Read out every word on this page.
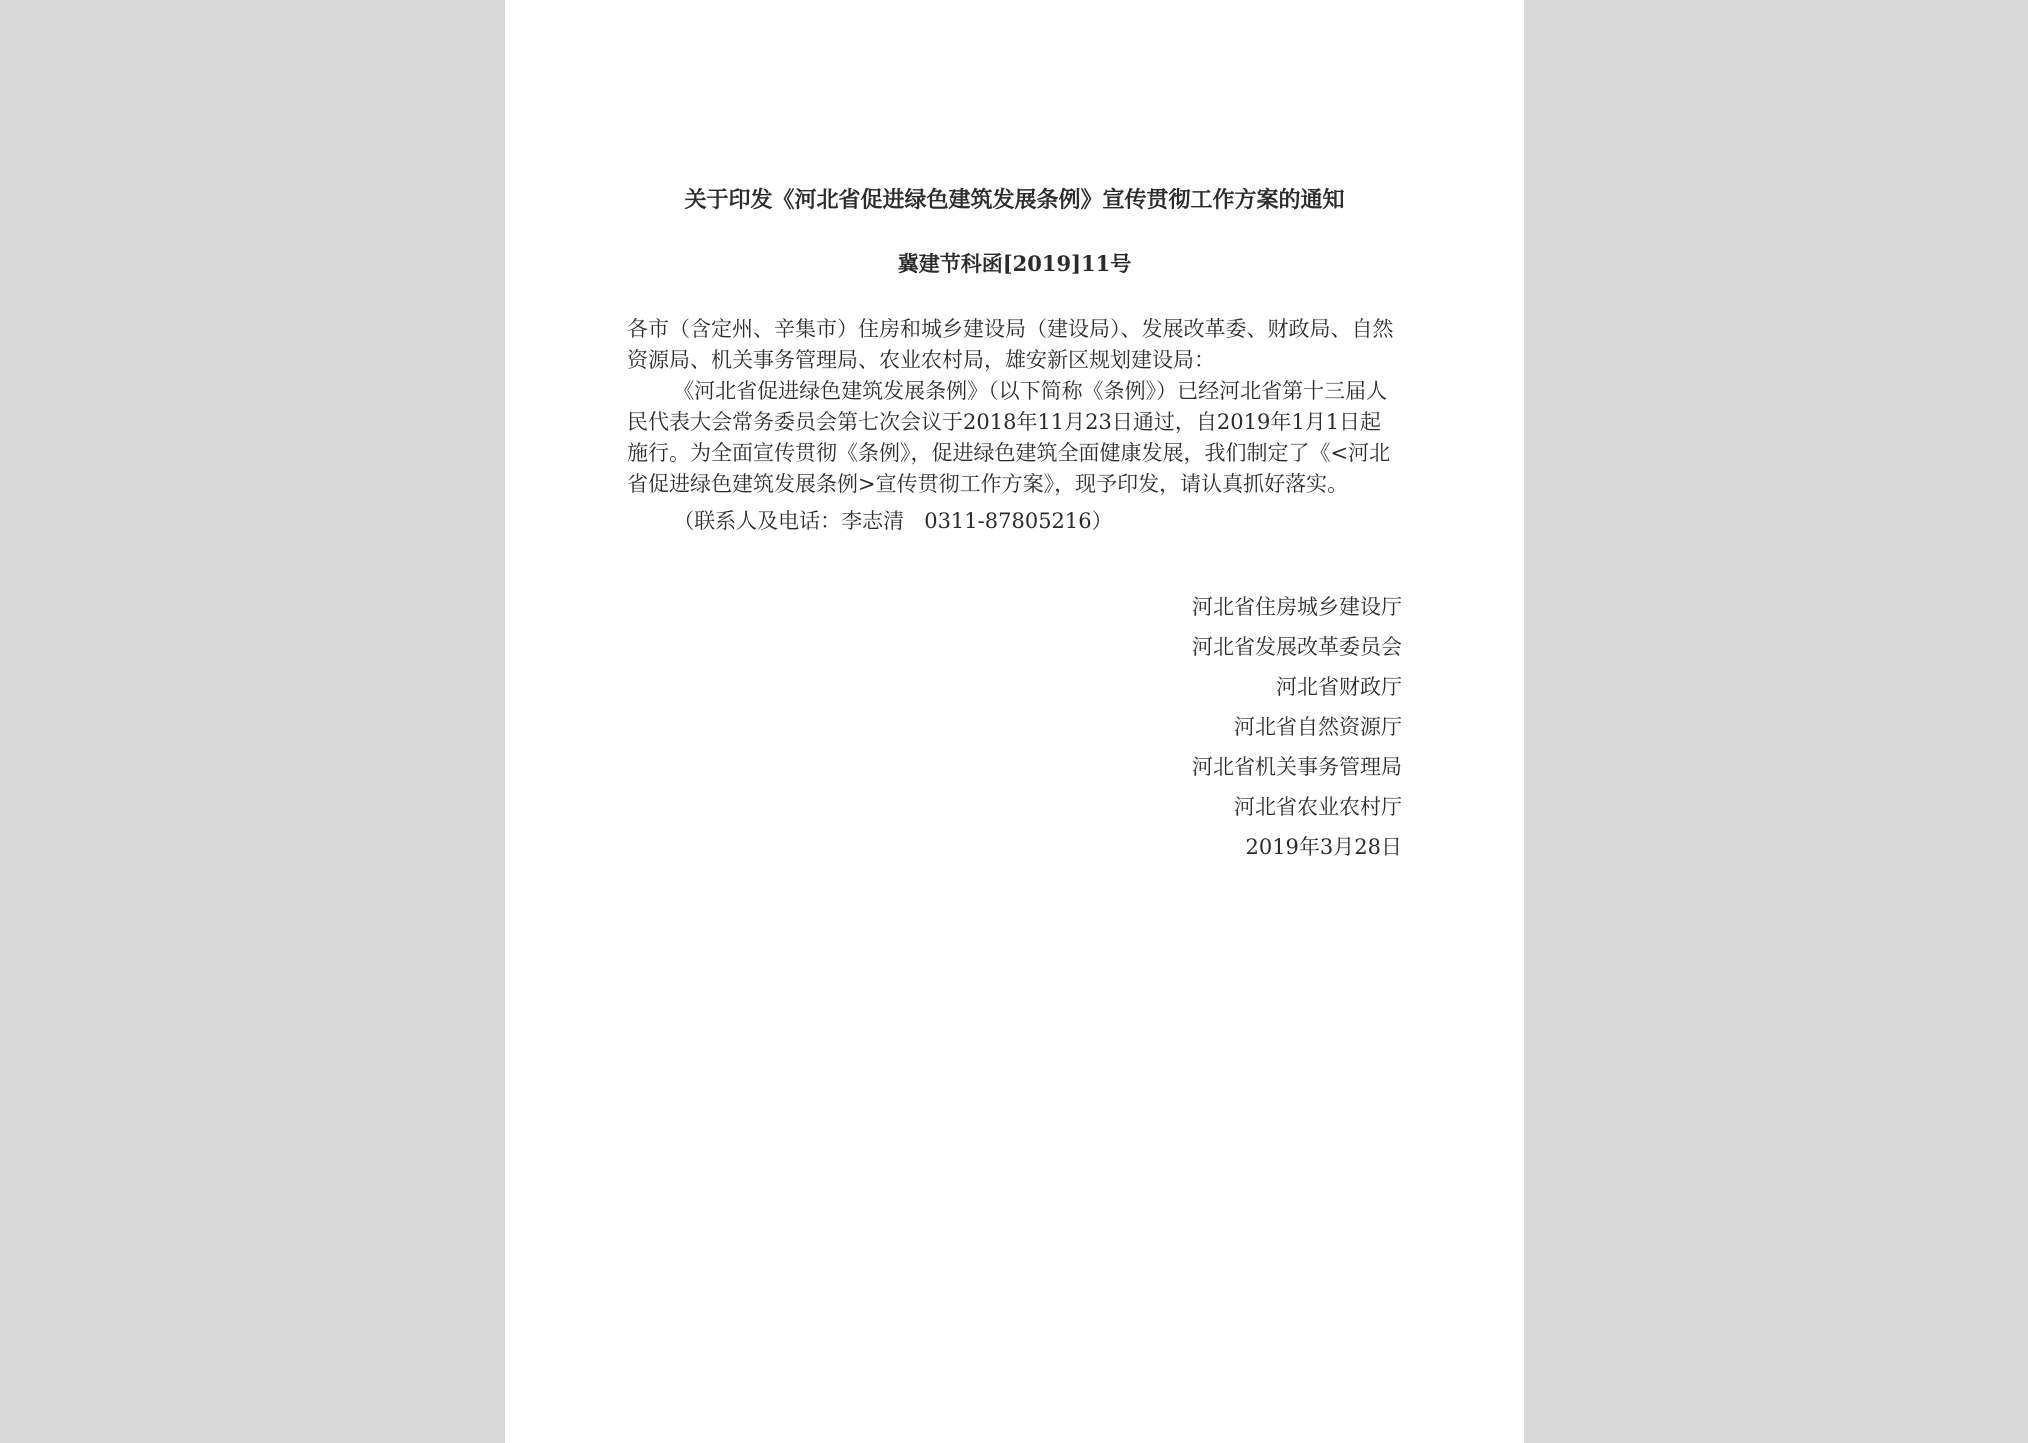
关于印发《河北省促进绿色建筑发展条例》宣传贯彻工作方案的通知
冀建节科函[2019]11号

各市（含定州、辛集市）住房和城乡建设局（建设局）、发展改革委、财政局、自然资源局、机关事务管理局、农业农村局，雄安新区规划建设局：

《河北省促进绿色建筑发展条例》（以下简称《条例》）已经河北省第十三届人民代表大会常务委员会第七次会议于2018年11月23日通过，自2019年1月1日起施行。为全面宣传贯彻《条例》，促进绿色建筑全面健康发展，我们制定了《<河北省促进绿色建筑发展条例>宣传贯彻工作方案》，现予印发，请认真抓好落实。

（联系人及电话：李志清   0311-87805216）

河北省住房城乡建设厅

河北省发展改革委员会

河北省财政厅

河北省自然资源厅

河北省机关事务管理局

河北省农业农村厅

2019年3月28日
